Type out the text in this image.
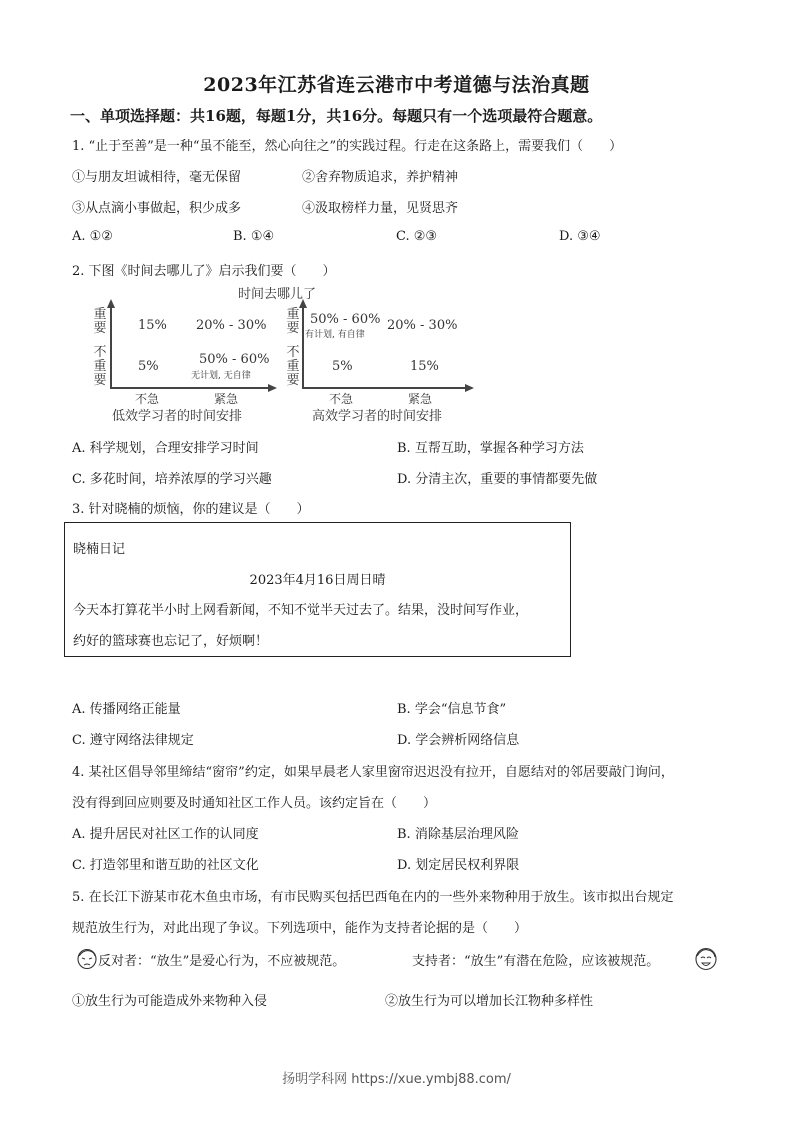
2023年江苏省连云港市中考道德与法治真题
一、单项选择题：共16题，每题1分，共16分。每题只有一个选项最符合题意。
1. “止于至善”是一种“虽不能至，然心向往之”的实践过程。行走在这条路上，需要我们（　　）
①与朋友坦诚相待，毫无保留	②舍弃物质追求，养护精神
③从点滴小事做起，积少成多	④汲取榜样力量，见贤思齐
A. ①②	B. ①④	C. ②③	D. ③④
2. 下图《时间去哪儿了》启示我们要（　　）
时间去哪儿了
重要
不重要
15% 20% - 30%
5%	50% - 60%
无计划, 无自律
不急	紧急
低效学习者的时间安排
重要
不重要
50% - 60%
有计划, 有自律
20% - 30%
5%	15%
不急	紧急
高效学习者的时间安排
A. 科学规划，合理安排学习时间	B. 互帮互助，掌握各种学习方法
C. 多花时间，培养浓厚的学习兴趣	D. 分清主次，重要的事情都要先做
3. 针对晓楠的烦恼，你的建议是（　　）
晓楠日记
2023年4月16日周日晴
今天本打算花半小时上网看新闻，不知不觉半天过去了。结果，没时间写作业，
约好的篮球赛也忘记了，好烦啊！
A. 传播网络正能量	B. 学会“信息节食”
C. 遵守网络法律规定	D. 学会辨析网络信息
4. 某社区倡导邻里缔结“窗帘”约定，如果早晨老人家里窗帘迟迟没有拉开，自愿结对的邻居要敲门询问，
没有得到回应则要及时通知社区工作人员。该约定旨在（　　）
A. 提升居民对社区工作的认同度	B. 消除基层治理风险
C. 打造邻里和谐互助的社区文化	D. 划定居民权利界限
5. 在长江下游某市花木鱼虫市场，有市民购买包括巴西龟在内的一些外来物种用于放生。该市拟出台规定
规范放生行为，对此出现了争议。下列选项中，能作为支持者论据的是（　　）
反对者：“放生”是爱心行为，不应被规范。	支持者：“放生”有潜在危险，应该被规范。
①放生行为可能造成外来物种入侵	②放生行为可以增加长江物种多样性
扬明学科网 https://xue.ymbj88.com/
